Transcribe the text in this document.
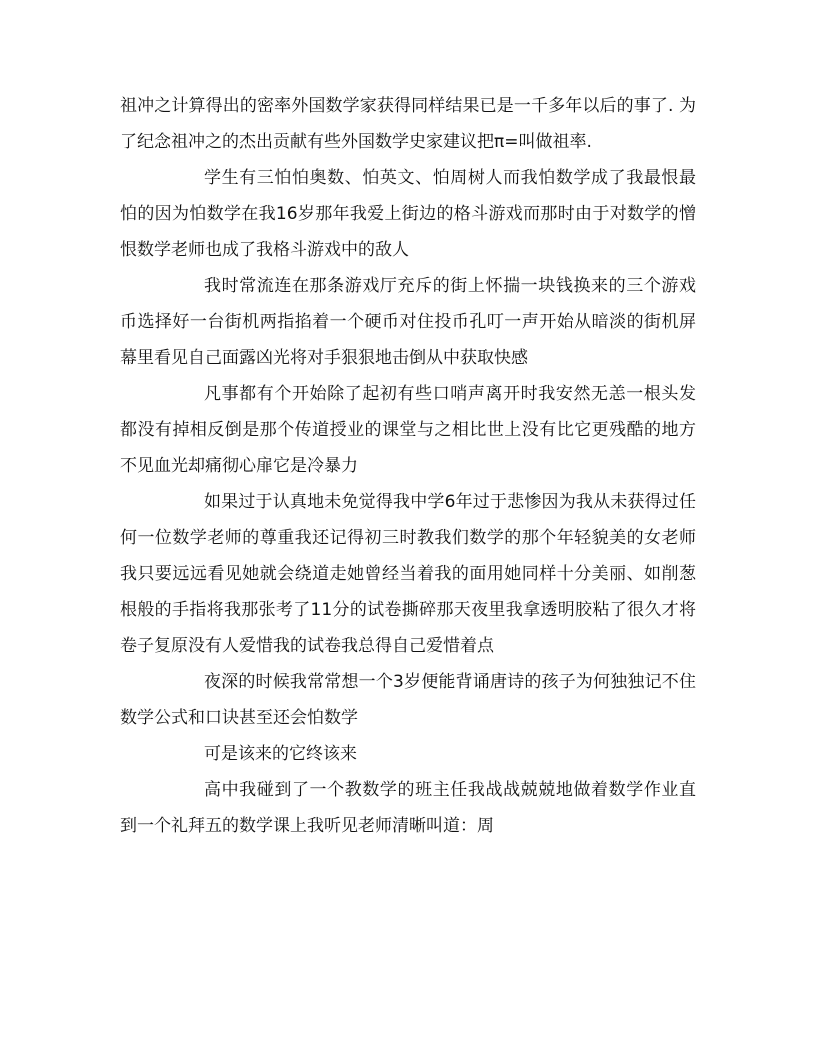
祖冲之计算得出的密率外国数学家获得同样结果已是一千多年以后的事了. 为了纪念祖冲之的杰出贡献有些外国数学史家建议把π=叫做祖率.

学生有三怕怕奥数、怕英文、怕周树人而我怕数学成了我最恨最怕的因为怕数学在我16岁那年我爱上街边的格斗游戏而那时由于对数学的憎恨数学老师也成了我格斗游戏中的敌人

我时常流连在那条游戏厅充斥的街上怀揣一块钱换来的三个游戏币选择好一台街机两指掐着一个硬币对住投币孔叮一声开始从暗淡的街机屏幕里看见自己面露凶光将对手狠狠地击倒从中获取快感

凡事都有个开始除了起初有些口哨声离开时我安然无恙一根头发都没有掉相反倒是那个传道授业的课堂与之相比世上没有比它更残酷的地方不见血光却痛彻心扉它是冷暴力

如果过于认真地未免觉得我中学6年过于悲惨因为我从未获得过任何一位数学老师的尊重我还记得初三时教我们数学的那个年轻貌美的女老师我只要远远看见她就会绕道走她曾经当着我的面用她同样十分美丽、如削葱根般的手指将我那张考了11分的试卷撕碎那天夜里我拿透明胶粘了很久才将卷子复原没有人爱惜我的试卷我总得自己爱惜着点

夜深的时候我常常想一个3岁便能背诵唐诗的孩子为何独独记不住数学公式和口诀甚至还会怕数学

可是该来的它终该来

高中我碰到了一个教数学的班主任我战战兢兢地做着数学作业直到一个礼拜五的数学课上我听见老师清晰叫道：周
